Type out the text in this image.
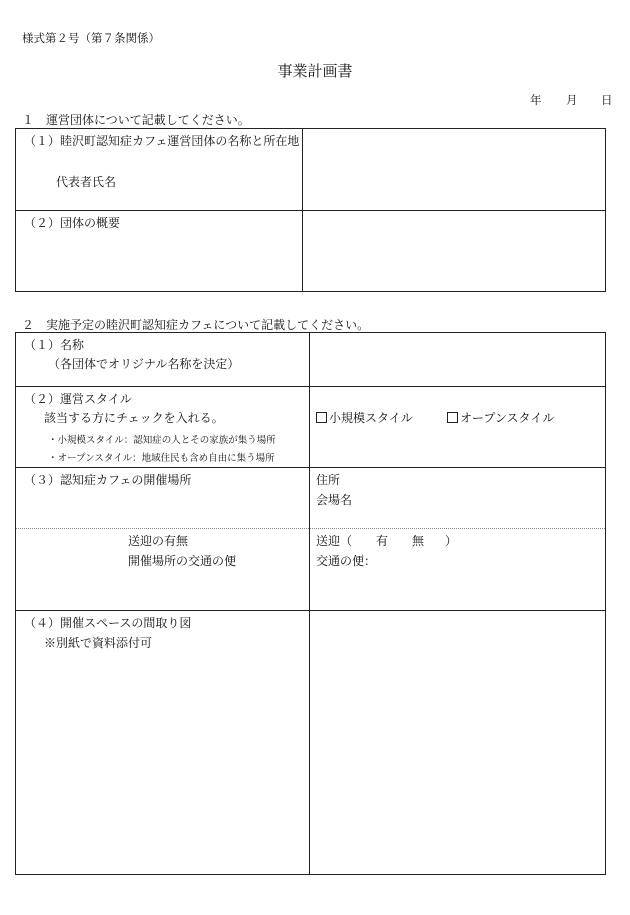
様式第２号（第７条関係）
事業計画書
年 月 日
１　運営団体について記載してください。
（１）睦沢町認知症カフェ運営団体の名称と所在地
代表者氏名	

（２）団体の概要	

２　実施予定の睦沢町認知症カフェについて記載してください。
（１）名称
（各団体でオリジナル名称を決定）	

（２）運営スタイル
該当する方にチェックを入れる。
・小規模スタイル：認知症の人とその家族が集う場所
・オープンスタイル：地域住民も含め自由に集う場所	小規模スタイル オープンスタイル

（３）認知症カフェの開催場所	住所
会場名

送迎の有無
開催場所の交通の便	送迎（ 有 無 ）
交通の便：

（４）開催スペースの間取り図
※別紙で資料添付可	
